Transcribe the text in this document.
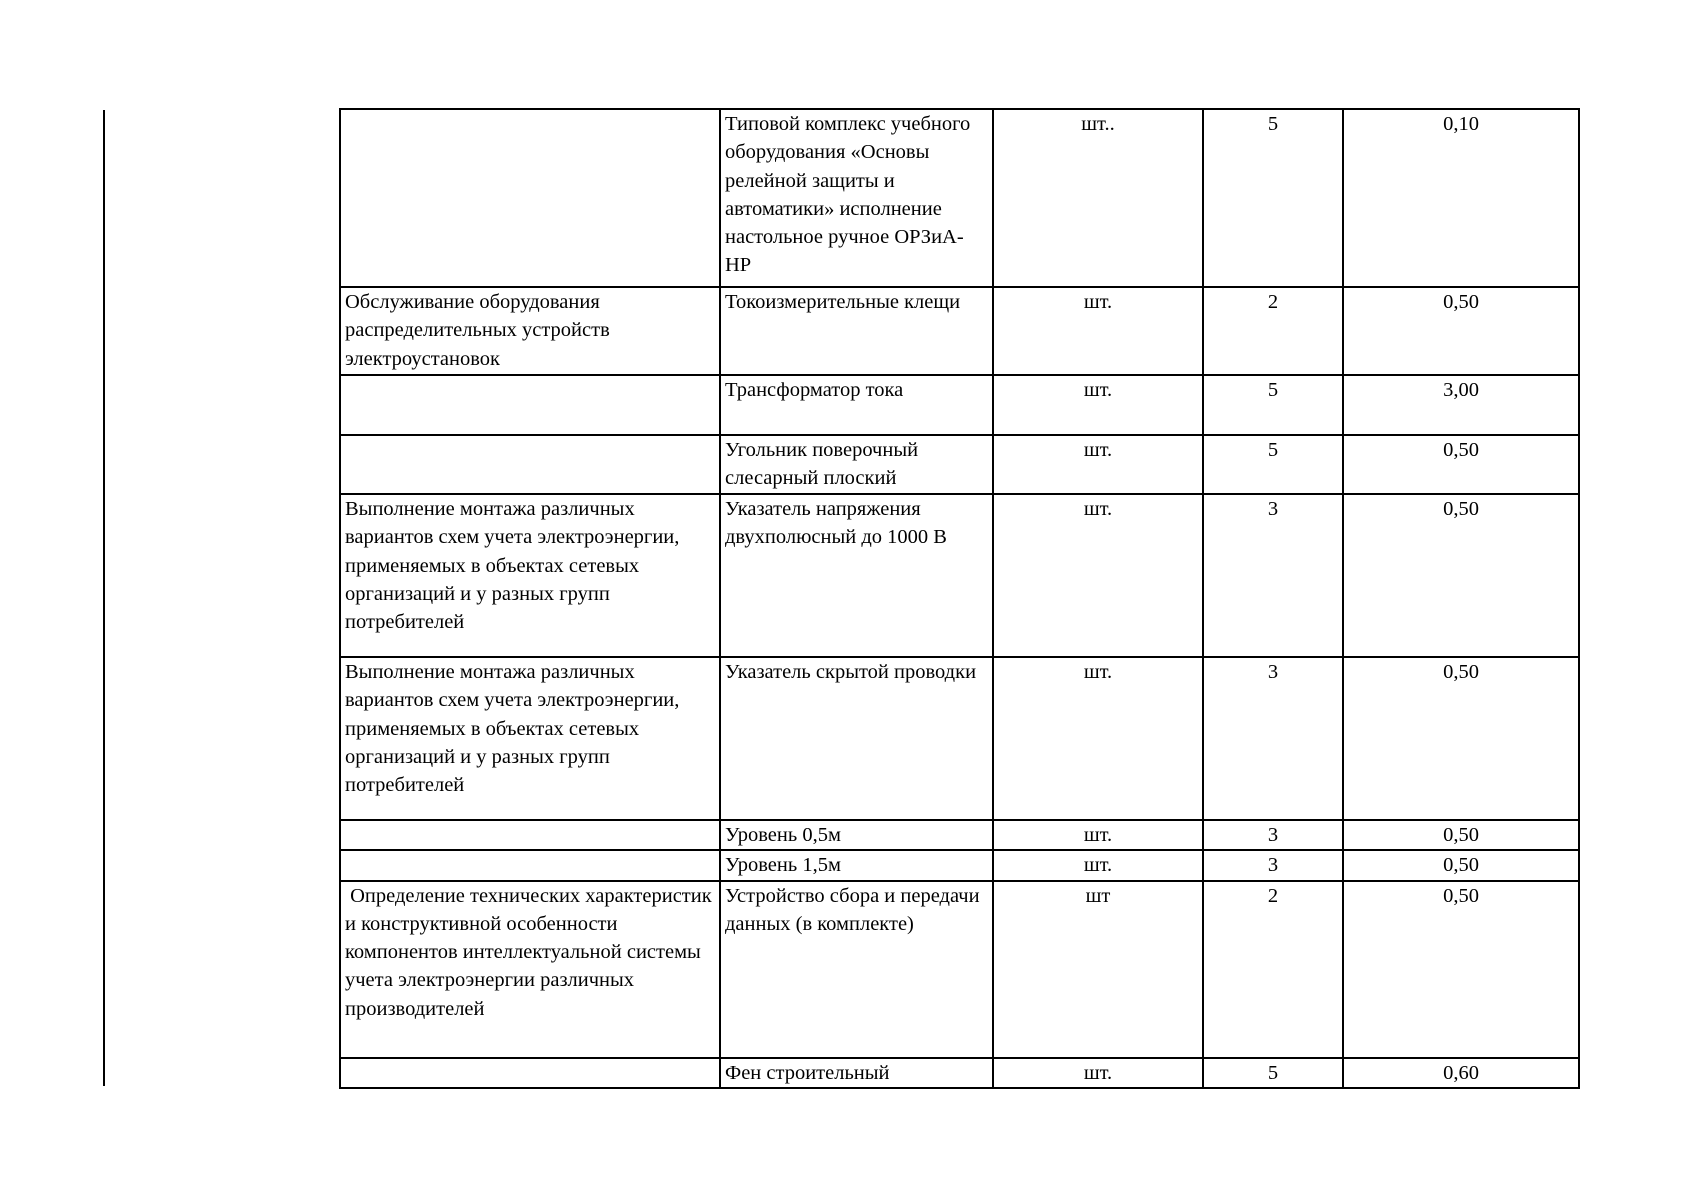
	Типовой комплекс учебного оборудования «Основы релейной защиты и автоматики» исполнение настольное ручное ОРЗиА-НР	шт..	5	0,10
Обслуживание оборудования распределительных устройств электроустановок	Токоизмерительные клещи	шт.	2	0,50
	Трансформатор тока	шт.	5	3,00
	Угольник поверочный слесарный плоский	шт.	5	0,50
Выполнение монтажа различных вариантов схем учета электроэнергии, применяемых в объектах сетевых организаций и у разных групп потребителей	Указатель напряжения двухполюсный до 1000 В	шт.	3	0,50
Выполнение монтажа различных вариантов схем учета электроэнергии, применяемых в объектах сетевых организаций и у разных групп потребителей	Указатель скрытой проводки	шт.	3	0,50
	Уровень 0,5м	шт.	3	0,50
	Уровень 1,5м	шт.	3	0,50
Определение технических характеристик и конструктивной особенности компонентов интеллектуальной системы учета электроэнергии различных производителей	Устройство сбора и передачи данных (в комплекте)	шт	2	0,50
	Фен строительный	шт.	5	0,60
